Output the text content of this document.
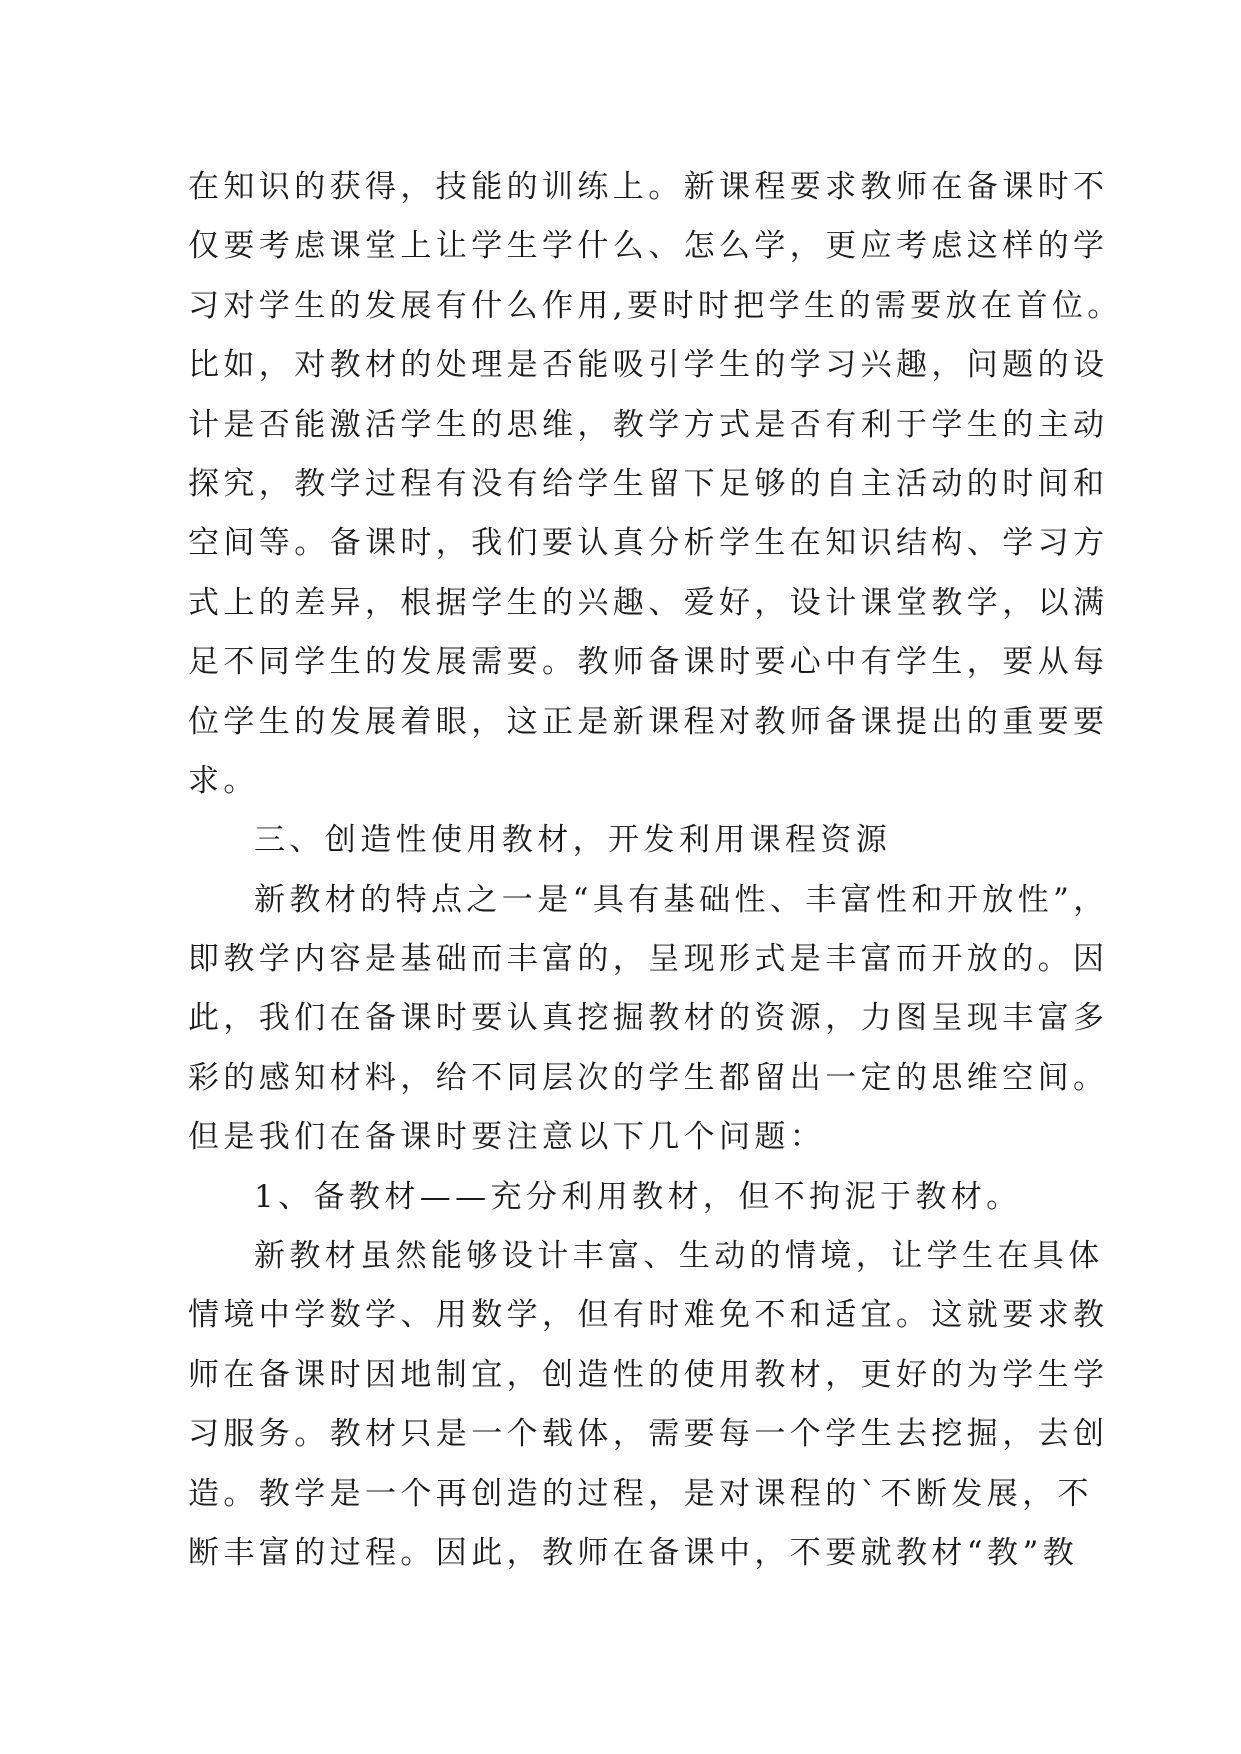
在知识的获得，技能的训练上。新课程要求教师在备课时不
仅要考虑课堂上让学生学什么、怎么学，更应考虑这样的学
习对学生的发展有什么作用,要时时把学生的需要放在首位。
比如，对教材的处理是否能吸引学生的学习兴趣，问题的设
计是否能激活学生的思维，教学方式是否有利于学生的主动
探究，教学过程有没有给学生留下足够的自主活动的时间和
空间等。备课时，我们要认真分析学生在知识结构、学习方
式上的差异，根据学生的兴趣、爱好，设计课堂教学，以满
足不同学生的发展需要。教师备课时要心中有学生，要从每
位学生的发展着眼，这正是新课程对教师备课提出的重要要
求。
三、创造性使用教材，开发利用课程资源
新教材的特点之一是“具有基础性、丰富性和开放性”，
即教学内容是基础而丰富的，呈现形式是丰富而开放的。因
此，我们在备课时要认真挖掘教材的资源，力图呈现丰富多
彩的感知材料，给不同层次的学生都留出一定的思维空间。
但是我们在备课时要注意以下几个问题：
1、备教材——充分利用教材，但不拘泥于教材。
新教材虽然能够设计丰富、生动的情境，让学生在具体
情境中学数学、用数学，但有时难免不和适宜。这就要求教
师在备课时因地制宜，创造性的使用教材，更好的为学生学
习服务。教材只是一个载体，需要每一个学生去挖掘，去创
造。教学是一个再创造的过程，是对课程的`不断发展，不
断丰富的过程。因此，教师在备课中，不要就教材“教”教
